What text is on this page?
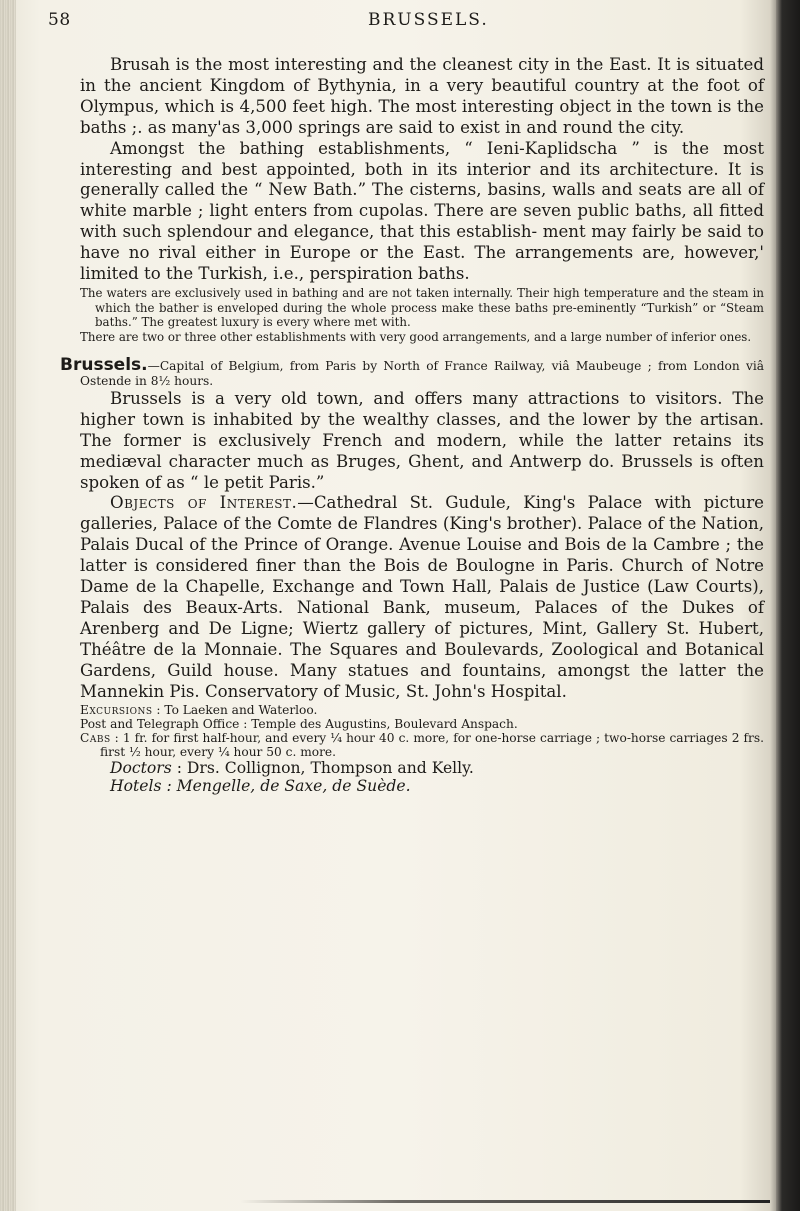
58	BRUSSELS.

Brusah is the most interesting and the cleanest city in the East. It is situated in the ancient Kingdom of Bythynia, in a very beautiful country at the foot of Olympus, which is 4,500 feet high. The most interesting object in the town is the baths ;. as many'as 3,000 springs are said to exist in and round the city.

Amongst the bathing establishments, “ Ieni-Kaplidscha ” is the most interesting and best appointed, both in its interior and its architecture. It is generally called the “ New Bath.” The cisterns, basins, walls and seats are all of white marble ; light enters from cupolas. There are seven public baths, all fitted with such splendour and elegance, that this establish- ment may fairly be said to have no rival either in Europe or the East. The arrangements are, however,' limited to the Turkish, i.e., perspiration baths.

The waters are exclusively used in bathing and are not taken internally. Their high temperature and the steam in which the bather is enveloped during the whole process make these baths pre-eminently “Turkish” or “Steam baths.” The greatest luxury is every where met with.

There are two or three other establishments with very good arrangements, and a large number of inferior ones.

Brussels.—Capital of Belgium, from Paris by North of France Railway, viâ Maubeuge ; from London viâ Ostende in 8½ hours.

Brussels is a very old town, and offers many attractions to visitors. The higher town is inhabited by the wealthy classes, and the lower by the artisan. The former is exclusively French and modern, while the latter retains its mediæval character much as Bruges, Ghent, and Antwerp do. Brussels is often spoken of as “ le petit Paris.”

Objects of Interest.—Cathedral St. Gudule, King's Palace with picture galleries, Palace of the Comte de Flandres (King's brother). Palace of the Nation, Palais Ducal of the Prince of Orange. Avenue Louise and Bois de la Cambre ; the latter is considered finer than the Bois de Boulogne in Paris. Church of Notre Dame de la Chapelle, Exchange and Town Hall, Palais de Justice (Law Courts), Palais des Beaux-Arts. National Bank, museum, Palaces of the Dukes of Arenberg and De Ligne; Wiertz gallery of pictures, Mint, Gallery St. Hubert, Théâtre de la Monnaie. The Squares and Boulevards, Zoological and Botanical Gardens, Guild house. Many statues and fountains, amongst the latter the Mannekin Pis. Conservatory of Music, St. John's Hospital.

Excursions : To Laeken and Waterloo.

Post and Telegraph Office : Temple des Augustins, Boulevard Anspach.

Cabs : 1 fr. for first half-hour, and every ¼ hour 40 c. more, for one-horse carriage ; two-horse carriages 2 frs. first ½ hour, every ¼ hour 50 c. more.

Doctors : Drs. Collignon, Thompson and Kelly.

Hotels : Mengelle, de Saxe, de Suède.
